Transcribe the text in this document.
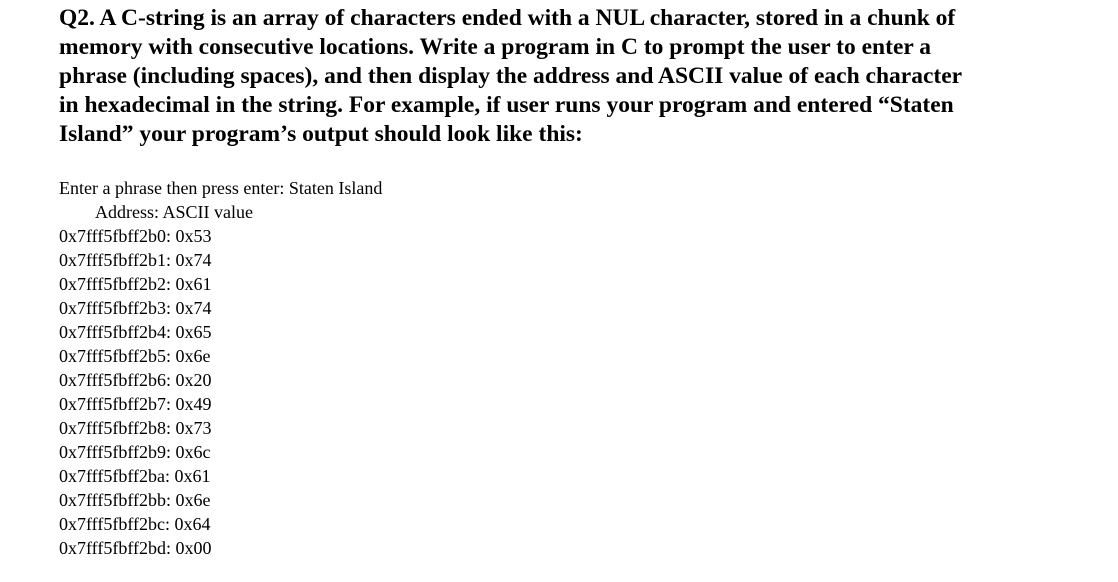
Q2. A C-string is an array of characters ended with a NUL character, stored in a chunk of
memory with consecutive locations. Write a program in C to prompt the user to enter a
phrase (including spaces), and then display the address and ASCII value of each character
in hexadecimal in the string. For example, if user runs your program and entered “Staten
Island” your program’s output should look like this:
Enter a phrase then press enter: Staten Island
Address: ASCII value
0x7fff5fbff2b0: 0x53
0x7fff5fbff2b1: 0x74
0x7fff5fbff2b2: 0x61
0x7fff5fbff2b3: 0x74
0x7fff5fbff2b4: 0x65
0x7fff5fbff2b5: 0x6e
0x7fff5fbff2b6: 0x20
0x7fff5fbff2b7: 0x49
0x7fff5fbff2b8: 0x73
0x7fff5fbff2b9: 0x6c
0x7fff5fbff2ba: 0x61
0x7fff5fbff2bb: 0x6e
0x7fff5fbff2bc: 0x64
0x7fff5fbff2bd: 0x00
